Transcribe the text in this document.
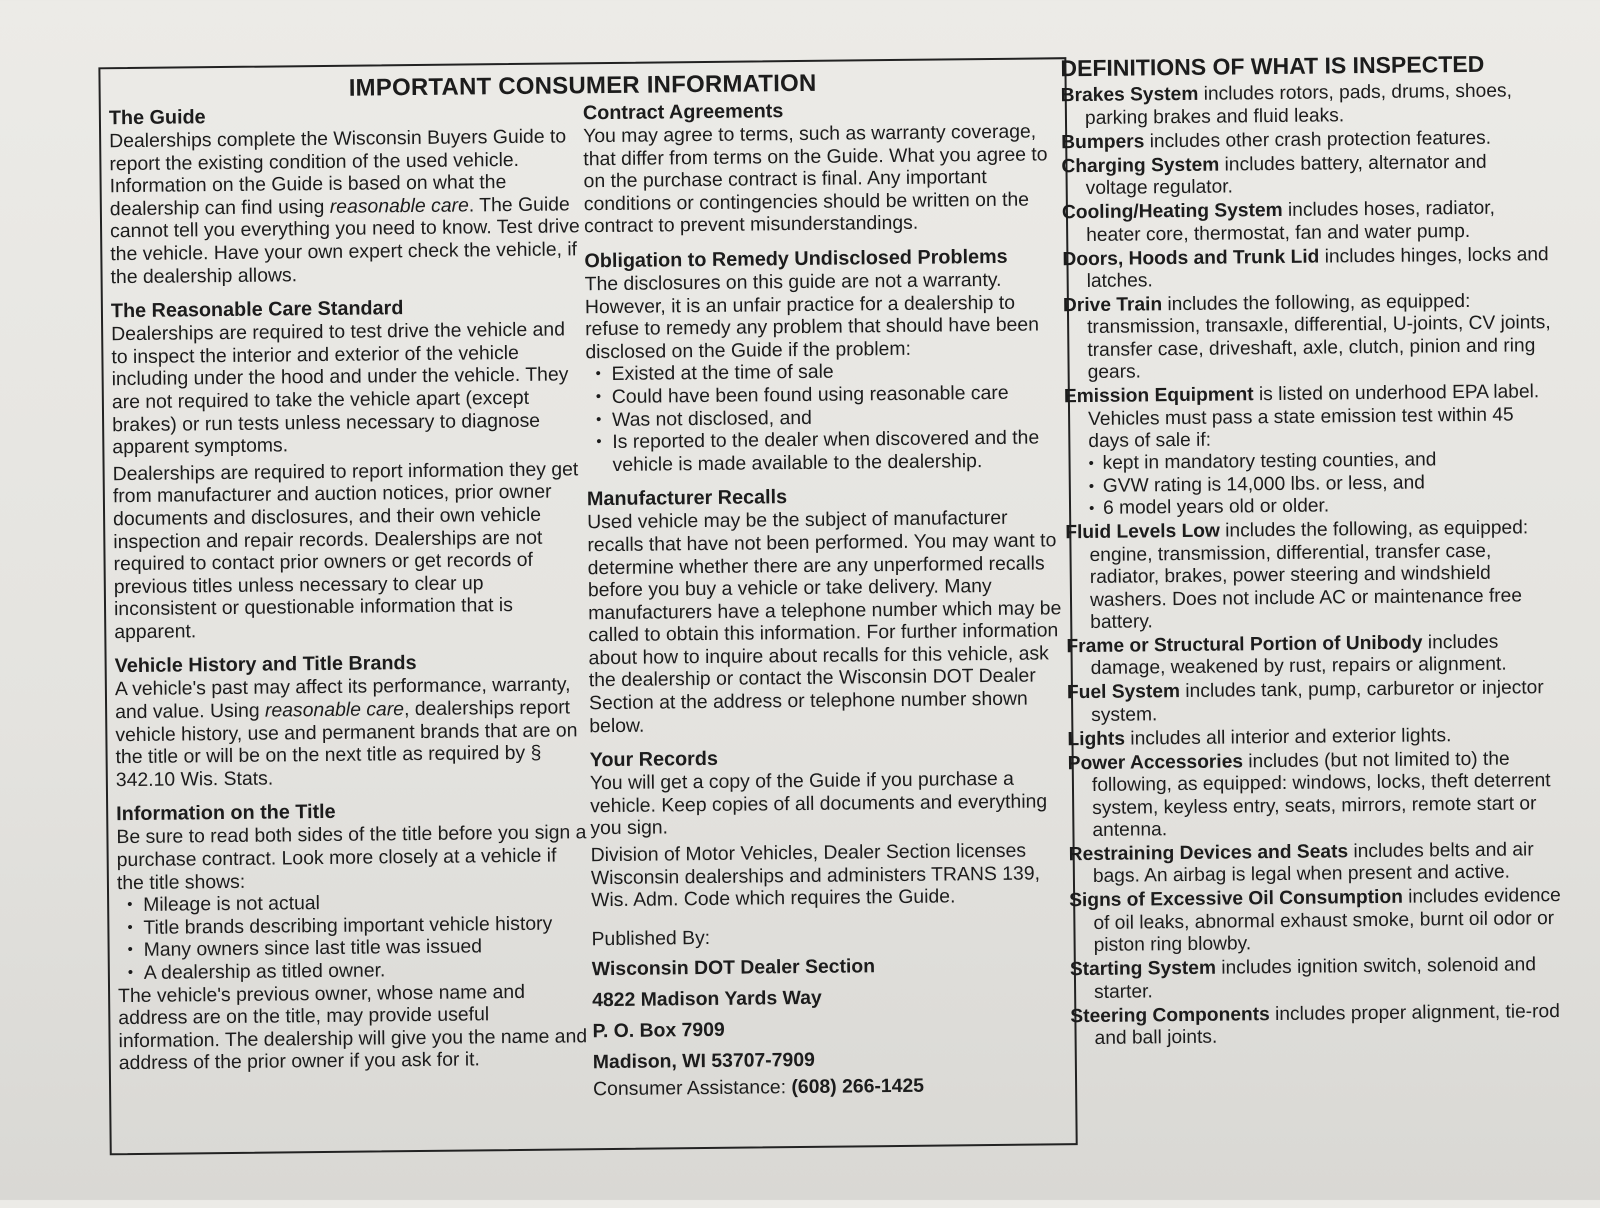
IMPORTANT CONSUMER INFORMATION
The Guide

Dealerships complete the Wisconsin Buyers Guide to report the existing condition of the used vehicle. Information on the Guide is based on what the dealership can find using reasonable care. The Guide cannot tell you everything you need to know. Test drive the vehicle. Have your own expert check the vehicle, if the dealership allows.

The Reasonable Care Standard

Dealerships are required to test drive the vehicle and to inspect the interior and exterior of the vehicle including under the hood and under the vehicle. They are not required to take the vehicle apart (except brakes) or run tests unless necessary to diagnose apparent symptoms.

Dealerships are required to report information they get from manufacturer and auction notices, prior owner documents and disclosures, and their own vehicle inspection and repair records. Dealerships are not required to contact prior owners or get records of previous titles unless necessary to clear up inconsistent or questionable information that is apparent.

Vehicle History and Title Brands

A vehicle's past may affect its performance, warranty, and value. Using reasonable care, dealerships report vehicle history, use and permanent brands that are on the title or will be on the next title as required by § 342.10 Wis. Stats.

Information on the Title

Be sure to read both sides of the title before you sign a purchase contract. Look more closely at a vehicle if the title shows:

• Mileage is not actual
• Title brands describing important vehicle history
• Many owners since last title was issued
• A dealership as titled owner.

The vehicle's previous owner, whose name and address are on the title, may provide useful information. The dealership will give you the name and address of the prior owner if you ask for it.

Contract Agreements

You may agree to terms, such as warranty coverage, that differ from terms on the Guide. What you agree to on the purchase contract is final. Any important conditions or contingencies should be written on the contract to prevent misunderstandings.

Obligation to Remedy Undisclosed Problems

The disclosures on this guide are not a warranty. However, it is an unfair practice for a dealership to refuse to remedy any problem that should have been disclosed on the Guide if the problem:

• Existed at the time of sale
• Could have been found using reasonable care
• Was not disclosed, and
• Is reported to the dealer when discovered and the vehicle is made available to the dealership.
Manufacturer Recalls

Used vehicle may be the subject of manufacturer recalls that have not been performed. You may want to determine whether there are any unperformed recalls before you buy a vehicle or take delivery. Many manufacturers have a telephone number which may be called to obtain this information. For further information about how to inquire about recalls for this vehicle, ask the dealership or contact the Wisconsin DOT Dealer Section at the address or telephone number shown below.

Your Records

You will get a copy of the Guide if you purchase a vehicle. Keep copies of all documents and everything you sign.

Division of Motor Vehicles, Dealer Section licenses Wisconsin dealerships and administers TRANS 139, Wis. Adm. Code which requires the Guide.

Published By:

Wisconsin DOT Dealer Section

4822 Madison Yards Way

P. O. Box 7909

Madison, WI 53707-7909

Consumer Assistance: (608) 266-1425

DEFINITIONS OF WHAT IS INSPECTED

Brakes System includes rotors, pads, drums, shoes, parking brakes and fluid leaks.

Bumpers includes other crash protection features.

Charging System includes battery, alternator and voltage regulator.

Cooling/Heating System includes hoses, radiator, heater core, thermostat, fan and water pump.

Doors, Hoods and Trunk Lid includes hinges, locks and latches.

Drive Train includes the following, as equipped: transmission, transaxle, differential, U-joints, CV joints, transfer case, driveshaft, axle, clutch, pinion and ring gears.

Emission Equipment is listed on underhood EPA label. Vehicles must pass a state emission test within 45 days of sale if:
• kept in mandatory testing counties, and
• GVW rating is 14,000 lbs. or less, and
• 6 model years old or older.

Fluid Levels Low includes the following, as equipped: engine, transmission, differential, transfer case, radiator, brakes, power steering and windshield washers. Does not include AC or maintenance free battery.

Frame or Structural Portion of Unibody includes damage, weakened by rust, repairs or alignment.

Fuel System includes tank, pump, carburetor or injector system.

Lights includes all interior and exterior lights.

Power Accessories includes (but not limited to) the following, as equipped: windows, locks, theft deterrent system, keyless entry, seats, mirrors, remote start or antenna.

Restraining Devices and Seats includes belts and air bags. An airbag is legal when present and active.

Signs of Excessive Oil Consumption includes evidence of oil leaks, abnormal exhaust smoke, burnt oil odor or piston ring blowby.

Starting System includes ignition switch, solenoid and starter.

Steering Components includes proper alignment, tie-rod and ball joints.
